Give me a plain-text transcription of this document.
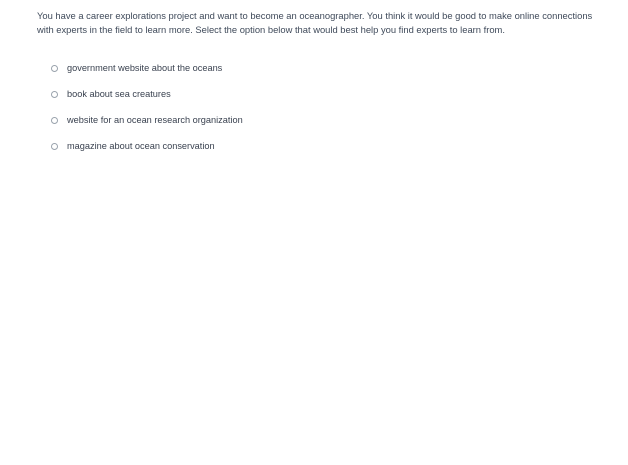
You have a career explorations project and want to become an oceanographer. You think it would be good to make online connections with experts in the field to learn more. Select the option below that would best help you find experts to learn from.
government website about the oceans
book about sea creatures
website for an ocean research organization
magazine about ocean conservation
